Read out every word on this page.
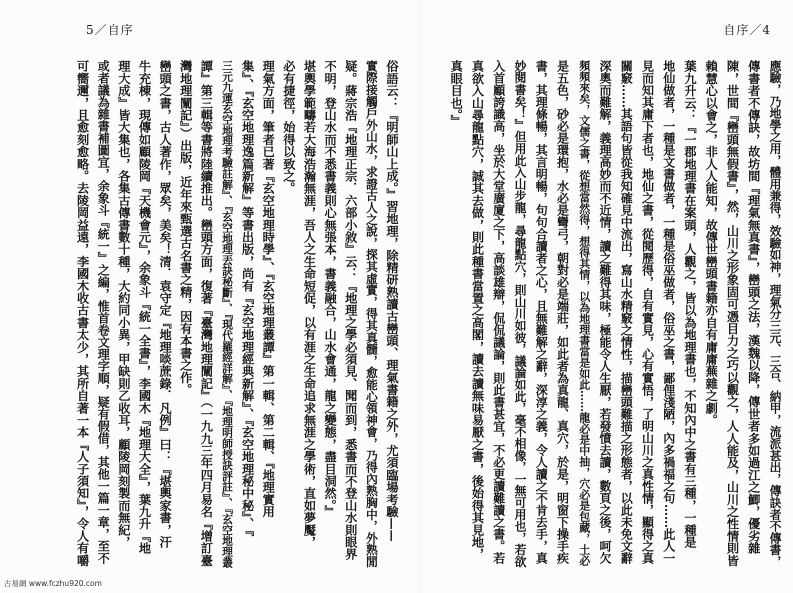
5／自序
俗語云：『明師山上成。』習地理，除精研熟讀古巒頭、理氣書籍之外，尤須臨場考驗——
實際接觸戶外山水，求證古人之說，探其虛實，得其真髓，愈能心領神會，乃得內熟胸中，外熟閒
疑。蔣宗浩『地理正宗．六部小敘』云：『地理之學必須見、聞而到，悉書而不登山水則眼界
不明，登山水而不悉書義則心無張本，書義融合，山水會通，龍之變態，盡目洞然。』
堪輿學範疇若大海浩瀚無涯，吾人之生命短促，以有涯之生命追求無涯之學術，直如夢魘，
必有捷徑，始得以致之。
理氣方面，筆者已著『玄空地理時學』、『玄空地理叢譚』第一輯、第二輯、『地理實用
集』、『玄空地理逸篇新解』等書出版，尚有『玄空地理經典新解』、『玄空地理秘中秘』、『
三元九運玄空地理考驗註解』、『玄空地理丟訣秘斷』、『現代羅經詳解』、『地理明師授訣評註』、『玄空地理叢
譚』第三輯等書將陸續推出。巒頭方面，復著『臺灣地理闡記』（一九九三年四月易名『增訂臺
灣地理闡記』）出版，近年來甄選古名書之精，因有本書之作。
巒頭之書，古人著作，眾矣，美矣！清．袁守定『地理啖蔗錄．凡例』曰：『堪輿家書，汗
牛充棟，現傳如顧陵岡『天機會元』，余象斗『統一全書』，李國木『地理大全』，葉九升『地
理大成』皆大集也，各集古傳書數十種，大約同小異，甲缺則乙收耳，顧陵岡刻製而無紀，
或者議為雜書補圖宜，余象斗『統一』之編，惟首卷文理字順，疑有假借，其他一篇一章，至不
可嚮邇，且愈刻愈略。去陵岡益遠，李國木收古書太少，其所自著一本『人子須知』，令人有嚼
自序／4
應驗，乃地學之用，體用兼得，效驗如神，理氣分三元、三合、納甲，流派甚出，傳訣者不傳書，
傳書者不傳訣，故坊間『理氣無真書』，巒頭之法，漢魏以降，傳世者多如過江之鯽，優劣雜
陳，世間『巒頭無假書』，然，山川之形象固可憑目力之巧以觀之，人人能及，山川之性情則皆
賴慧心以會之，非人人能知，故傳世巒頭書籍亦自有庸庸蕪雜之劇。
葉九升云：『一郡地理書在案頭，人觀之，皆以為地理書也，不知內中之書有三種，一種是
地仙做者，一種是文書做者，一種是俗巫做者，俗巫之書，鄙俚淺陋，內多禍福之句……此人一
見而知其庸下者也，地仙之書，從閱歷得，自有實見，心有實悟，了明山川之真性情，顯得之真
關竅……其語句皆從我知確見中流出，寫山水精竅之情性，描巒頭難描之形態者，以此未免文辭
深奧而難解，義理高妙而不近情，讀之難得其味，極能令人生厭，若發憤去讀，數頁之後，呵欠
頻頻來矣，文儒之書，從想當然得，想得其情，以為地理書當是如此……龍必是中抽，穴必是包藏，土必
是五色，砂必是環抱，水必是彎弓，朝對必是端莊，如此者為真龍、真穴，於是，明窗下操手疾
書，其理條暢，其言明暢，句句合讀者之心，且無難解之辭，深淳之義，令人讀之不肯去手，真
妙閱書矣！』但用此入山步龍，尋龍點穴，則山川如彼，議論如此，毫不相像，一無可用也，若欲
入首顧誇識高，坐於大堂廣廈之下，高談雄辯，侃侃議論，則此書甚宜，不必更讀難讀之書。若
真欲入山尋龍點穴，誠其去做，則此種書當置之高閣，讀去讀無味易厭之書，後始得其見地，
真眼目也。』
古易網 www.fczhu920.com
